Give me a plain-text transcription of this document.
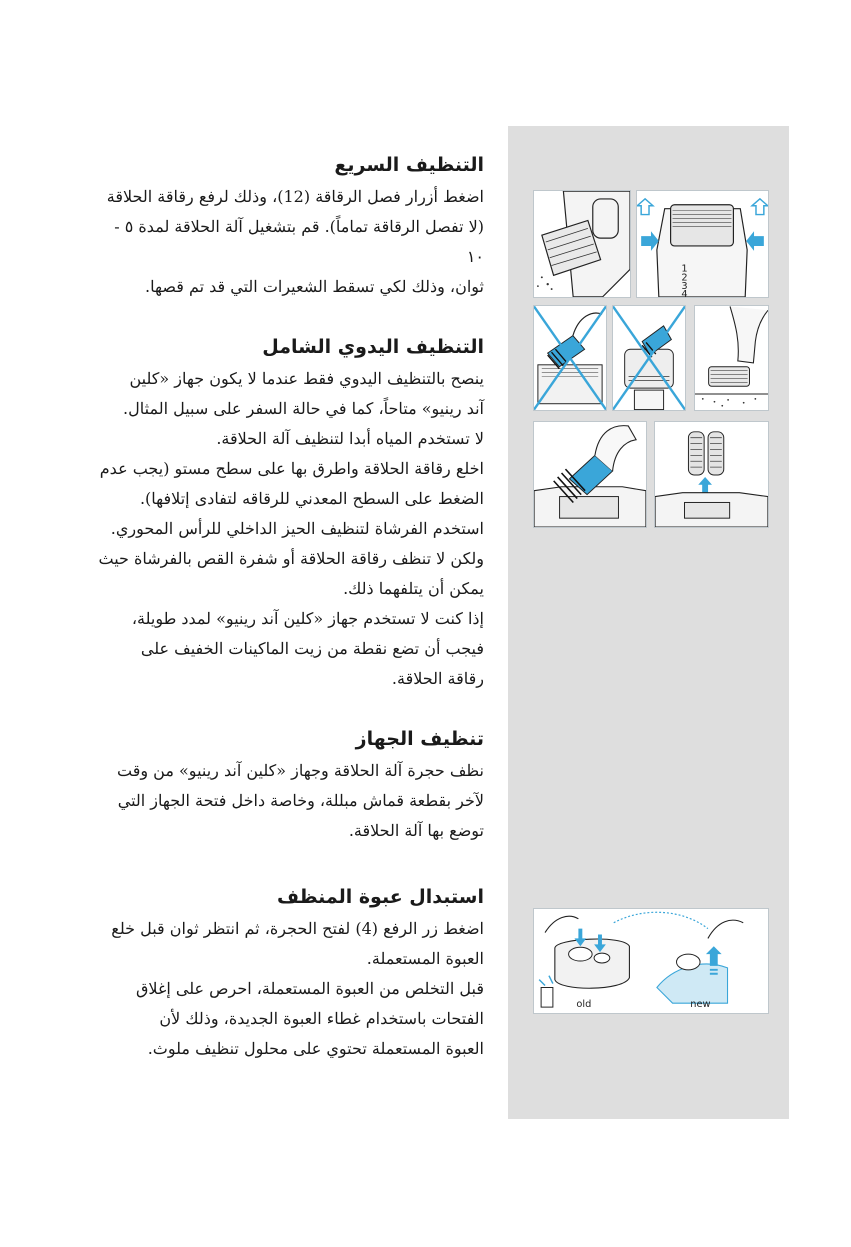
التنظيف السريع

اضغط أزرار فصل الرقاقة (12)، وذلك لرفع رقاقة الحلاقة

(لا تفصل الرقاقة تماماً). قم بتشغيل آلة الحلاقة لمدة ٥ - ١٠

ثوان، وذلك لكي تسقط الشعيرات التي قد تم قصها.

التنظيف اليدوي الشامل

ينصح بالتنظيف اليدوي فقط عندما لا يكون جهاز «كلين

آند رينيو» متاحاً، كما في حالة السفر على سبيل المثال.

لا تستخدم المياه أبدا لتنظيف آلة الحلاقة.

اخلع رقاقة الحلاقة واطرق بها على سطح مستو (يجب عدم

الضغط على السطح المعدني للرقاقه لتفادى إتلافها).

استخدم الفرشاة لتنظيف الحيز الداخلي للرأس المحوري.

ولكن لا تنظف رقاقة الحلاقة أو شفرة القص بالفرشاة حيث

يمكن أن يتلفهما ذلك.

إذا كنت لا تستخدم جهاز «كلين آند رينيو» لمدد طويلة،

فيجب أن تضع نقطة من زيت الماكينات الخفيف على

رقاقة الحلاقة.

تنظيف الجهاز

نظف حجرة آلة الحلاقة وجهاز «كلين آند رينيو» من وقت

لآخر بقطعة قماش مبللة، وخاصة داخل فتحة الجهاز التي

توضع بها آلة الحلاقة.

استبدال عبوة المنظف

اضغط زر الرفع (4) لفتح الحجرة، ثم انتظر ثوان قبل خلع

العبوة المستعملة.

قبل التخلص من العبوة المستعملة، احرص على إغلاق

الفتحات باستخدام غطاء العبوة الجديدة، وذلك لأن

العبوة المستعملة تحتوي على محلول تنظيف ملوث.

1
2
3
4
old	new
